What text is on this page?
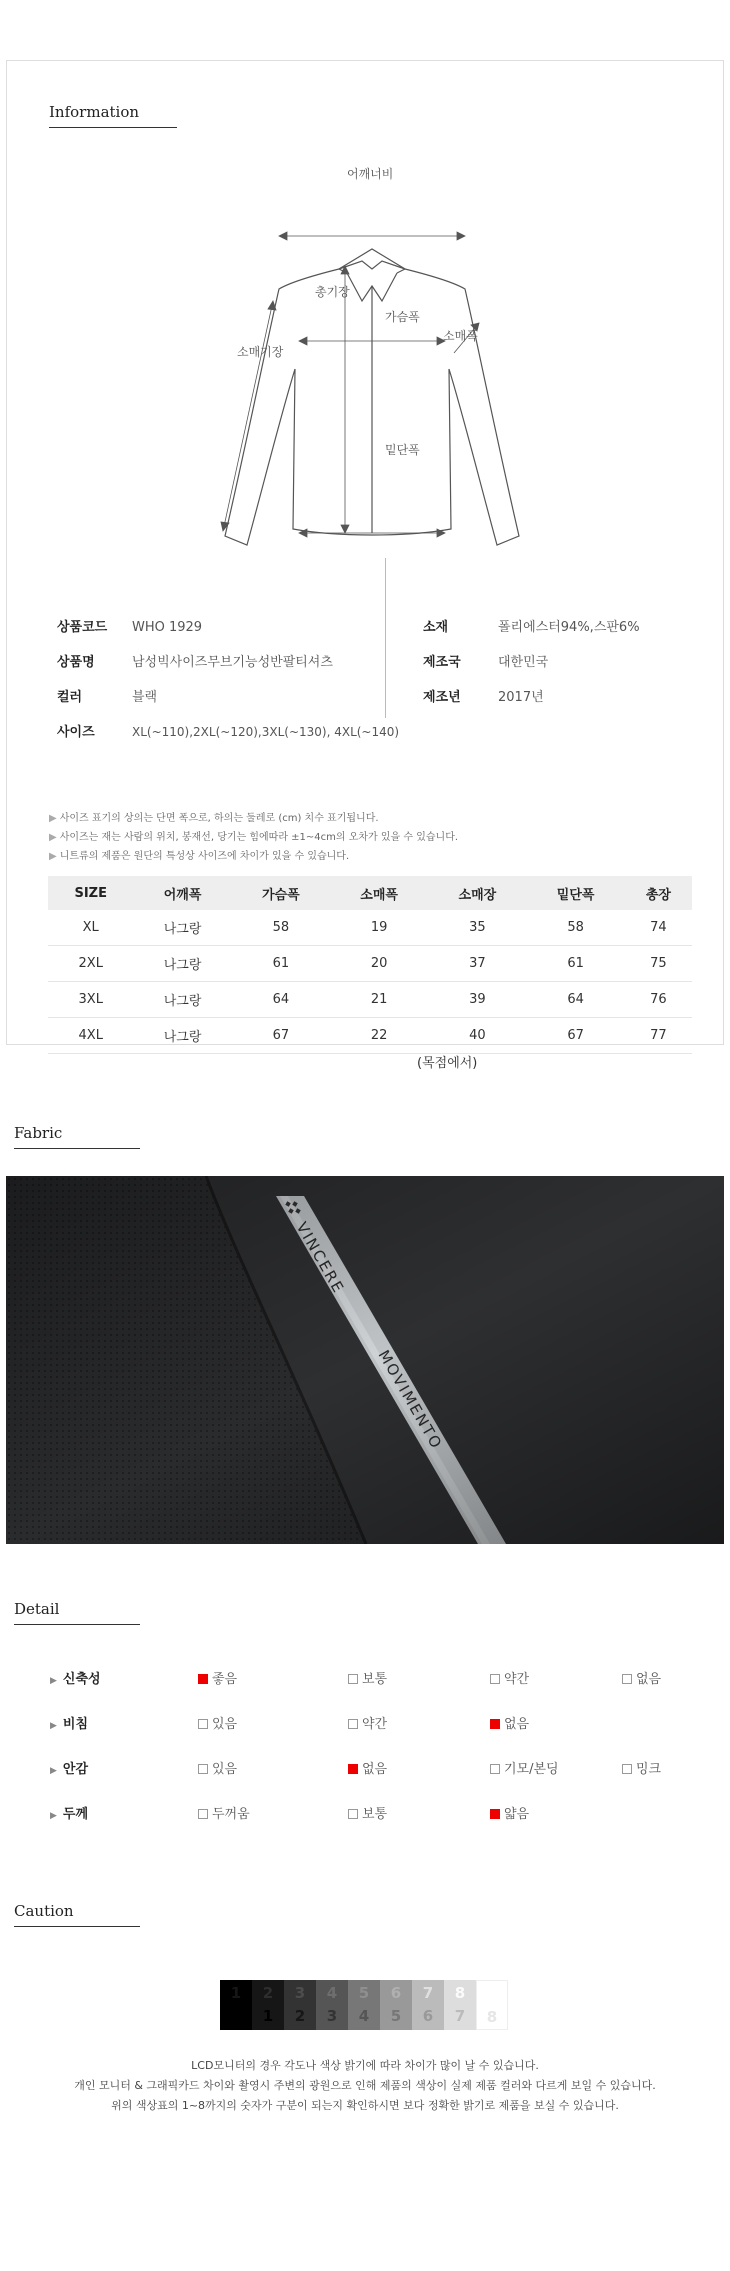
Information
어깨너비
총기장
가슴폭
소매폭
소매기장
밑단폭
상품코드 WHO 1929
상품명	남성빅사이즈무브기능성반팔티셔츠
컬러	블랙
사이즈	XL(~110),2XL(~120),3XL(~130), 4XL(~140)
소재	폴리에스터94%,스판6%
제조국	대한민국
제조년	2017년
▶ 사이즈 표기의 상의는 단면 폭으로, 하의는 둘레로 (cm) 치수 표기됩니다.
▶ 사이즈는 재는 사람의 위치, 봉재선, 당기는 힘에따라 ±1~4cm의 오차가 있을 수 있습니다.
▶ 니트류의 제품은 원단의 특성상 사이즈에 차이가 있을 수 있습니다.
SIZE	어깨폭	가슴폭	소매폭	소매장	밑단폭	총장
XL	나그랑	58	19	35	58	74
2XL	나그랑	61	20	37	61	75
3XL	나그랑	64	21	39	64	76
4XL	나그랑	67	22	40	67	77
(목점에서)
Fabric
Detail
▶ 신축성	좋음	보통	약간	없음
▶ 비침	있음	약간	없음
▶ 안감	있음	없음	기모/본딩	밍크
▶ 두께	두꺼움	보통	얇음
Caution
1	2
1
3
2
4
3
5
4
6
5
7
6
8
7	8
LCD모니터의 경우 각도나 색상 밝기에 따라 차이가 많이 날 수 있습니다.
개인 모니터 & 그래픽카드 차이와 촬영시 주변의 광원으로 인해 제품의 색상이 실제 제품 컬러와 다르게 보일 수 있습니다.
위의 색상표의 1~8까지의 숫자가 구분이 되는지 확인하시면 보다 정확한 밝기로 제품을 보실 수 있습니다.
